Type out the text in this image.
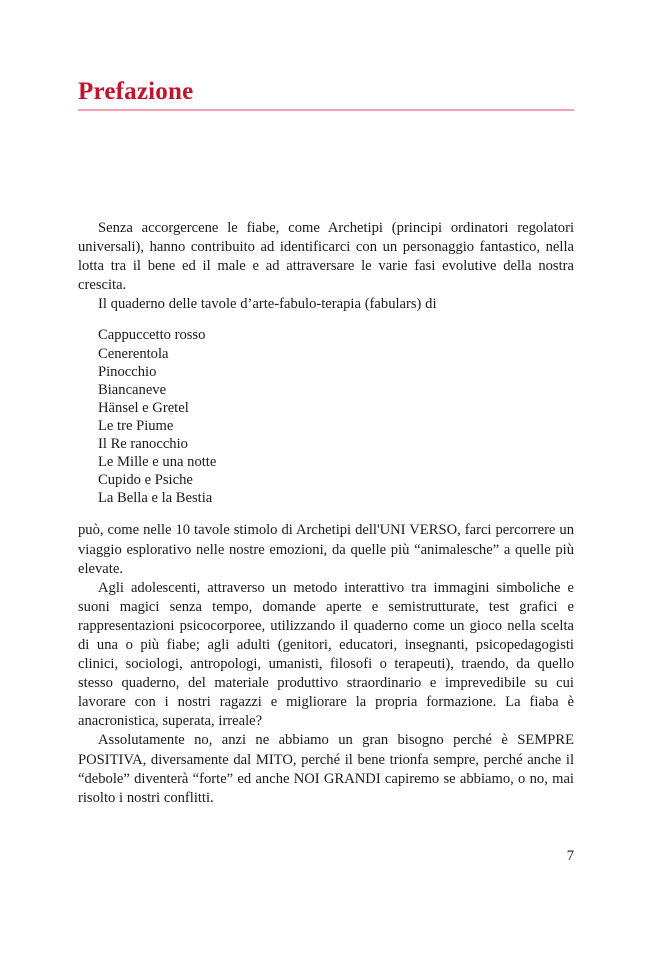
Prefazione

Senza accorgercene le fiabe, come Archetipi (principi ordinatori regolatori universali), hanno contribuito ad identificarci con un personaggio fantastico, nella lotta tra il bene ed il male e ad attraversare le varie fasi evolutive della nostra crescita.

Il quaderno delle tavole d’arte-fabulo-terapia (fabulars) di

Cappuccetto rosso
Cenerentola
Pinocchio
Biancaneve
Hänsel e Gretel
Le tre Piume
Il Re ranocchio
Le Mille e una notte
Cupido e Psiche
La Bella e la Bestia

può, come nelle 10 tavole stimolo di Archetipi dell'UNI VERSO, farci percorrere un viaggio esplorativo nelle nostre emozioni, da quelle più “animalesche” a quelle più elevate.

Agli adolescenti, attraverso un metodo interattivo tra immagini simboliche e suoni magici senza tempo, domande aperte e semistrutturate, test grafici e rappresentazioni psicocorporee, utilizzando il quaderno come un gioco nella scelta di una o più fiabe; agli adulti (genitori, educatori, insegnanti, psicopedagogisti clinici, sociologi, antropologi, umanisti, filosofi o terapeuti), traendo, da quello stesso quaderno, del materiale produttivo straordinario e imprevedibile su cui lavorare con i nostri ragazzi e migliorare la propria formazione. La fiaba è anacronistica, superata, irreale?

Assolutamente no, anzi ne abbiamo un gran bisogno perché è SEMPRE POSITIVA, diversamente dal MITO, perché il bene trionfa sempre, perché anche il “debole” diventerà “forte” ed anche NOI GRANDI capiremo se abbiamo, o no, mai risolto i nostri conflitti.

7
